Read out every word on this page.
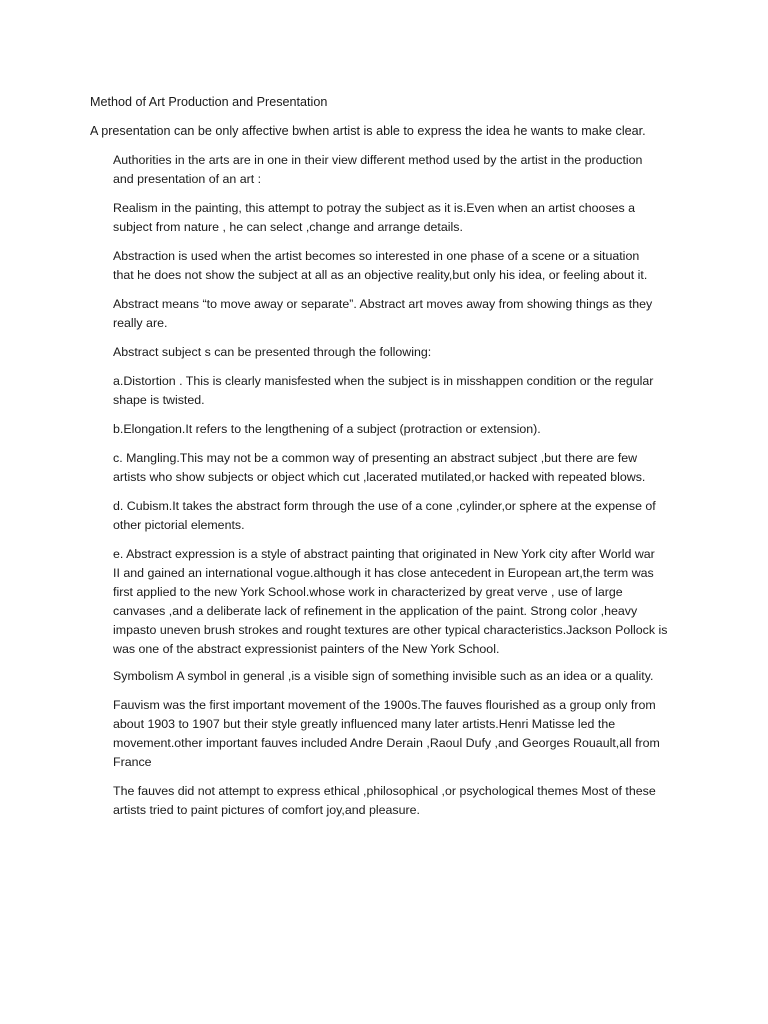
Method of Art Production and Presentation

A presentation can be only affective bwhen artist is able to express the idea he wants to make clear.

Authorities in the arts are in one in their view different method used by the artist in the production
and presentation of an art :

Realism in the painting, this attempt to potray the subject as it is.Even when an artist chooses a
subject from nature , he can select ,change and arrange details.

Abstraction is used when the artist becomes so interested in one phase of a scene or a situation
that he does not show the subject at all as an objective reality,but only his idea, or feeling about it.

Abstract means “to move away or separate”. Abstract art moves away from showing things as they
really are.

Abstract subject s can be presented through the following:

a.Distortion . This is clearly manisfested when the subject is in misshappen condition or the regular
shape is twisted.

b.Elongation.It refers to the lengthening of a subject (protraction or extension).

c. Mangling.This may not be a common way of presenting an abstract subject ,but there are few
artists who show subjects or object which cut ,lacerated mutilated,or hacked with repeated blows.

d. Cubism.It takes the abstract form through the use of a cone ,cylinder,or sphere at the expense of
other pictorial elements.

e. Abstract expression is a style of abstract painting that originated in New York city after World war
II and gained an international vogue.although it has close antecedent in European art,the term was
first applied to the new York School.whose work in characterized by great verve , use of large
canvases ,and a deliberate lack of refinement in the application of the paint. Strong color ,heavy
impasto uneven brush strokes and rought textures are other typical characteristics.Jackson Pollock is
was one of the abstract expressionist painters of the New York School.

Symbolism A symbol in general ,is a visible sign of something invisible such as an idea or a quality.

Fauvism was the first important movement of the 1900s.The fauves flourished as a group only from
about 1903 to 1907 but their style greatly influenced many later artists.Henri Matisse led the
movement.other important fauves included Andre Derain ,Raoul Dufy ,and Georges Rouault,all from
France

The fauves did not attempt to express ethical ,philosophical ,or psychological themes Most of these
artists tried to paint pictures of comfort joy,and pleasure.
